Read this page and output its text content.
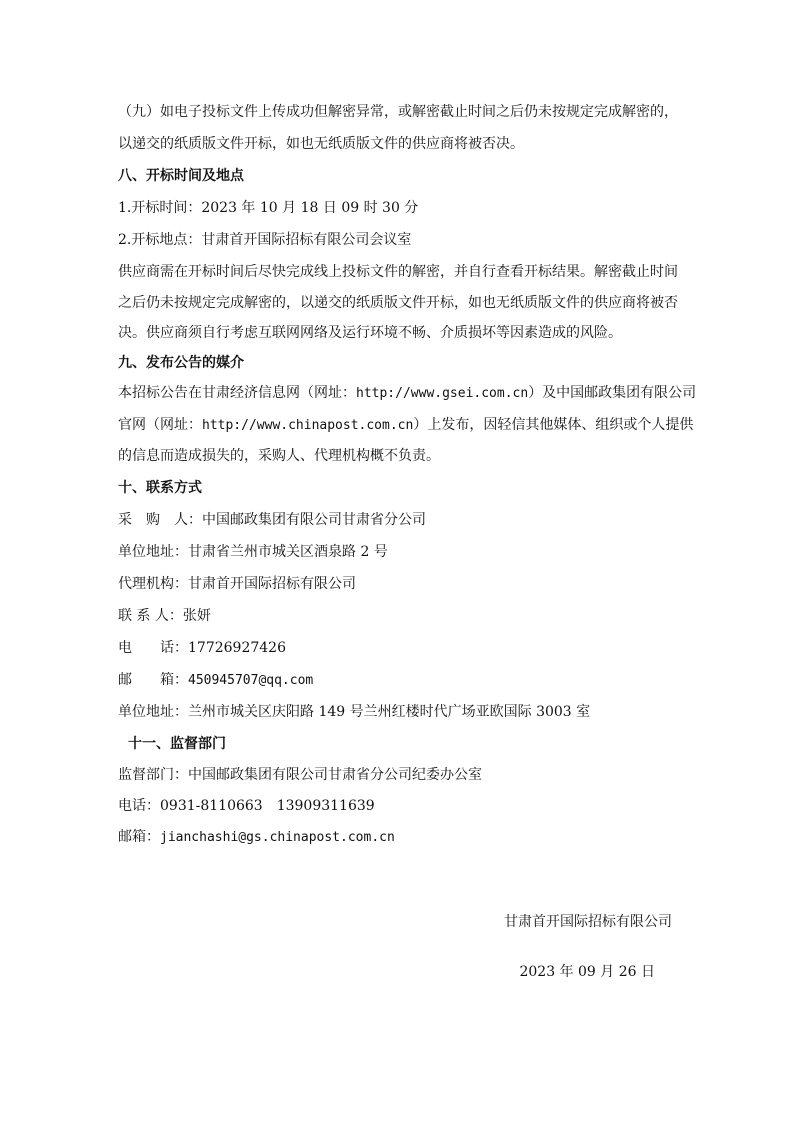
（九）如电子投标文件上传成功但解密异常，或解密截止时间之后仍未按规定完成解密的，
以递交的纸质版文件开标，如也无纸质版文件的供应商将被否决。
八、开标时间及地点
1.开标时间：2023 年 10 月 18 日 09 时 30 分
2.开标地点：甘肃首开国际招标有限公司会议室
供应商需在开标时间后尽快完成线上投标文件的解密，并自行查看开标结果。解密截止时间
之后仍未按规定完成解密的，以递交的纸质版文件开标，如也无纸质版文件的供应商将被否
决。供应商须自行考虑互联网网络及运行环境不畅、介质损坏等因素造成的风险。
九、发布公告的媒介
本招标公告在甘肃经济信息网（网址：http://www.gsei.com.cn）及中国邮政集团有限公司
官网（网址：http://www.chinapost.com.cn）上发布，因轻信其他媒体、组织或个人提供
的信息而造成损失的，采购人、代理机构概不负责。
十、联系方式
采　购　人：中国邮政集团有限公司甘肃省分公司
单位地址：甘肃省兰州市城关区酒泉路 2 号
代理机构：甘肃首开国际招标有限公司
联 系 人：张妍
电　　话：17726927426
邮　　箱：450945707@qq.com
单位地址：兰州市城关区庆阳路 149 号兰州红楼时代广场亚欧国际 3003 室
十一、监督部门
监督部门：中国邮政集团有限公司甘肃省分公司纪委办公室
电话：0931-8110663　13909311639
邮箱：jianchashi@gs.chinapost.com.cn
甘肃首开国际招标有限公司
2023 年 09 月 26 日
